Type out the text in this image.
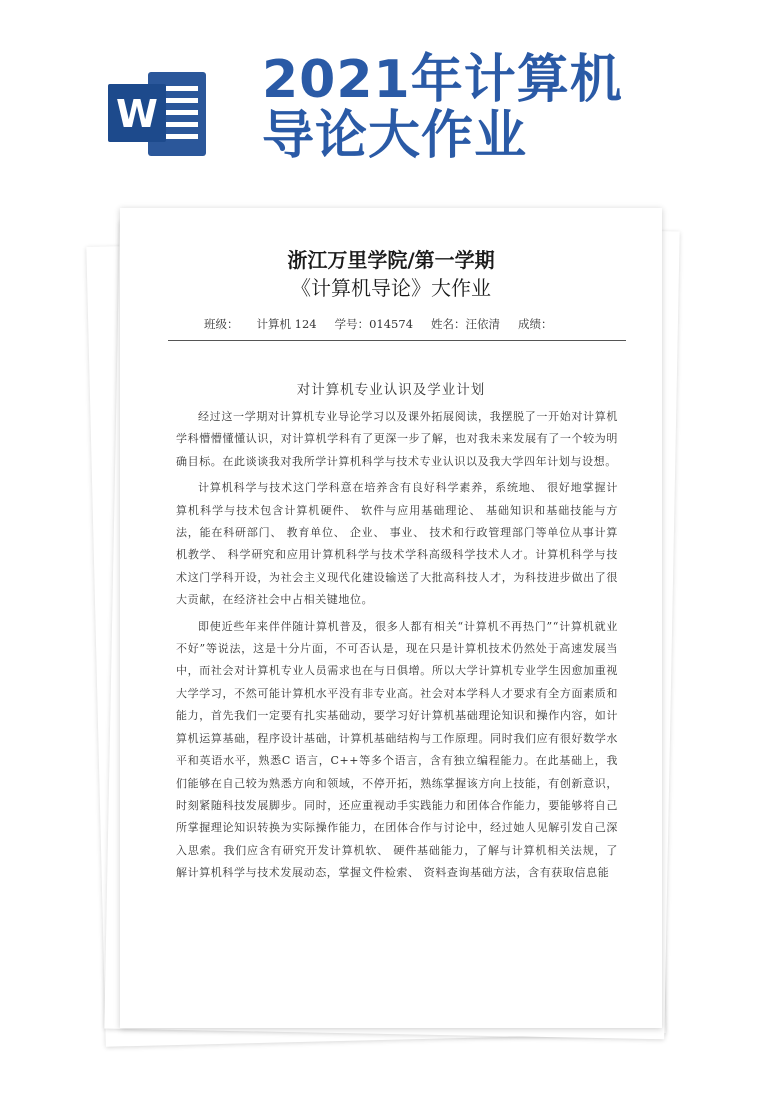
W
2021年计算机
导论大作业
浙江万里学院/第一学期
《计算机导论》大作业
班级： 计算机 124 学号：014574 姓名：汪依清 成绩：
对计算机专业认识及学业计划

经过这一学期对计算机专业导论学习以及课外拓展阅读，我摆脱了一开始对计算机学科懵懵懂懂认识，对计算机学科有了更深一步了解，也对我未来发展有了一个较为明确目标。在此谈谈我对我所学计算机科学与技术专业认识以及我大学四年计划与设想。

计算机科学与技术这门学科意在培养含有良好科学素养，系统地、 很好地掌握计算机科学与技术包含计算机硬件、 软件与应用基础理论、 基础知识和基础技能与方法，能在科研部门、 教育单位、 企业、 事业、 技术和行政管理部门等单位从事计算机教学、 科学研究和应用计算机科学与技术学科高级科学技术人才。计算机科学与技术这门学科开设，为社会主义现代化建设输送了大批高科技人才，为科技进步做出了很大贡献，在经济社会中占相关键地位。

即使近些年来伴伴随计算机普及，很多人都有相关“计算机不再热门”“计算机就业不好”等说法，这是十分片面，不可否认是，现在只是计算机技术仍然处于高速发展当中，而社会对计算机专业人员需求也在与日俱增。所以大学计算机专业学生因愈加重视大学学习，不然可能计算机水平没有非专业高。社会对本学科人才要求有全方面素质和能力，首先我们一定要有扎实基础动，要学习好计算机基础理论知识和操作内容，如计算机运算基础，程序设计基础，计算机基础结构与工作原理。同时我们应有很好数学水平和英语水平，熟悉C 语言，C++等多个语言，含有独立编程能力。在此基础上，我们能够在自己较为熟悉方向和领域，不停开拓，熟练掌握该方向上技能，有创新意识，时刻紧随科技发展脚步。同时，还应重视动手实践能力和团体合作能力，要能够将自己所掌握理论知识转换为实际操作能力，在团体合作与讨论中，经过她人见解引发自己深入思索。我们应含有研究开发计算机软、 硬件基础能力，了解与计算机相关法规，了解计算机科学与技术发展动态，掌握文件检索、 资料查询基础方法，含有获取信息能
